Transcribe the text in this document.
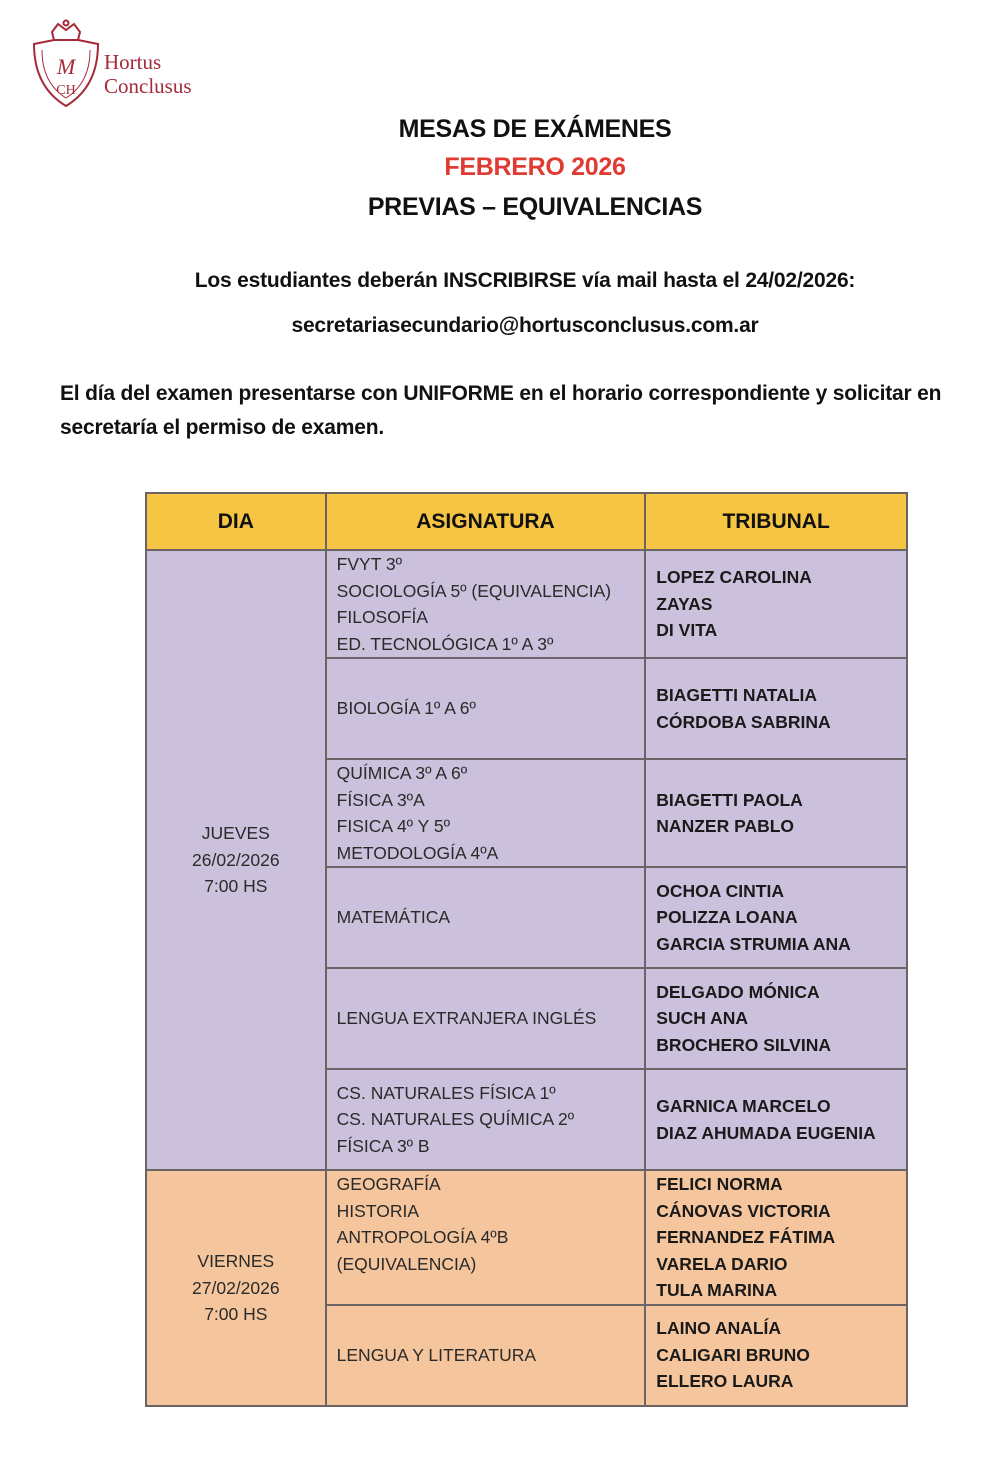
M
CH
Hortus
Conclusus
MESAS DE EXÁMENES
FEBRERO 2026
PREVIAS – EQUIVALENCIAS
Los estudiantes deberán INSCRIBIRSE vía mail hasta el 24/02/2026:
secretariasecundario@hortusconclusus.com.ar
El día del examen presentarse con UNIFORME en el horario correspondiente y solicitar en secretaría el permiso de examen.
DIA	ASIGNATURA	TRIBUNAL

JUEVES
26/02/2026
7:00 HS	FVYT 3º
SOCIOLOGÍA 5º (EQUIVALENCIA)
FILOSOFÍA
ED. TECNOLÓGICA 1º A 3º	LOPEZ CAROLINA
ZAYAS
DI VITA

	BIOLOGÍA 1º A 6º	BIAGETTI NATALIA
CÓRDOBA SABRINA

	QUÍMICA 3º A 6º
FÍSICA 3ºA
FISICA 4º Y 5º
METODOLOGÍA 4ºA	BIAGETTI PAOLA
NANZER PABLO

	MATEMÁTICA	OCHOA CINTIA
POLIZZA LOANA
GARCIA STRUMIA ANA

	LENGUA EXTRANJERA INGLÉS	DELGADO MÓNICA
SUCH ANA
BROCHERO SILVINA

	CS. NATURALES FÍSICA 1º
CS. NATURALES QUÍMICA 2º
FÍSICA 3º B	GARNICA MARCELO
DIAZ AHUMADA EUGENIA

VIERNES
27/02/2026
7:00 HS	GEOGRAFÍA
HISTORIA
ANTROPOLOGÍA 4ºB
(EQUIVALENCIA)	FELICI NORMA
CÁNOVAS VICTORIA
FERNANDEZ FÁTIMA
VARELA DARIO
TULA MARINA

	LENGUA Y LITERATURA	LAINO ANALÍA
CALIGARI BRUNO
ELLERO LAURA
